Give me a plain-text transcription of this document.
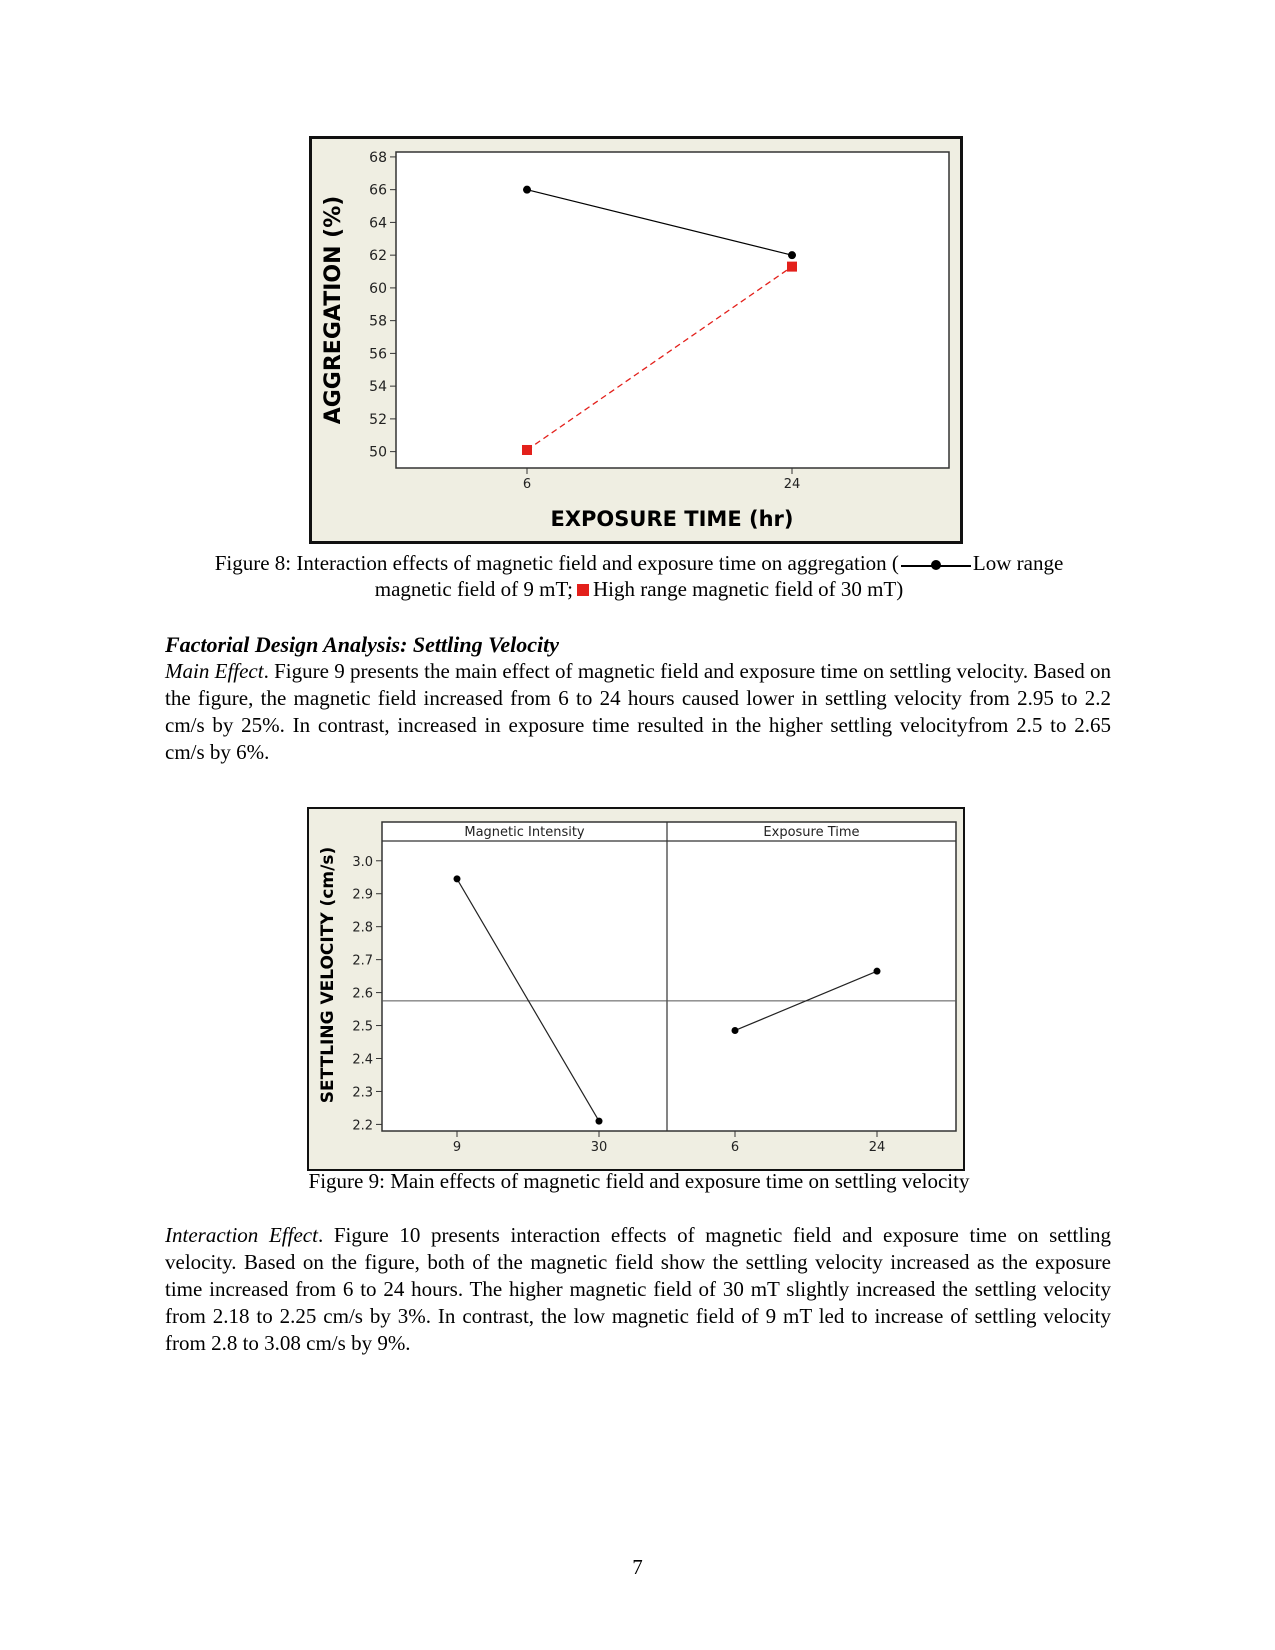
AGGREGATION (%)
EXPOSURE TIME (hr)
50
52
54
56
58
60
62
64
66
68
6	24
Figure 8: Interaction effects of magnetic field and exposure time on aggregation (	Low range
magnetic field of 9 mT; High range magnetic field of 30 mT)
Factorial Design Analysis: Settling Velocity
Main Effect. Figure 9 presents the main effect of magnetic field and exposure time on settling velocity. Based on the figure, the magnetic field increased from 6 to 24 hours caused lower in settling velocity from 2.95 to 2.2 cm/s by 25%. In contrast, increased in exposure time resulted in the higher settling velocityfrom 2.5 to 2.65 cm/s by 6%.
SETTLING VELOCITY (cm/s)
2.2
2.3
2.4
2.5
2.6
2.7
2.8
2.9
3.0
Magnetic Intensity
9	30
Exposure Time
6	24
Figure 9: Main effects of magnetic field and exposure time on settling velocity
Interaction Effect. Figure 10 presents interaction effects of magnetic field and exposure time on settling velocity. Based on the figure, both of the magnetic field show the settling velocity increased as the exposure time increased from 6 to 24 hours. The higher magnetic field of 30 mT slightly increased the settling velocity from 2.18 to 2.25 cm/s by 3%. In contrast, the low magnetic field of 9 mT led to increase of settling velocity from 2.8 to 3.08 cm/s by 9%.
7
